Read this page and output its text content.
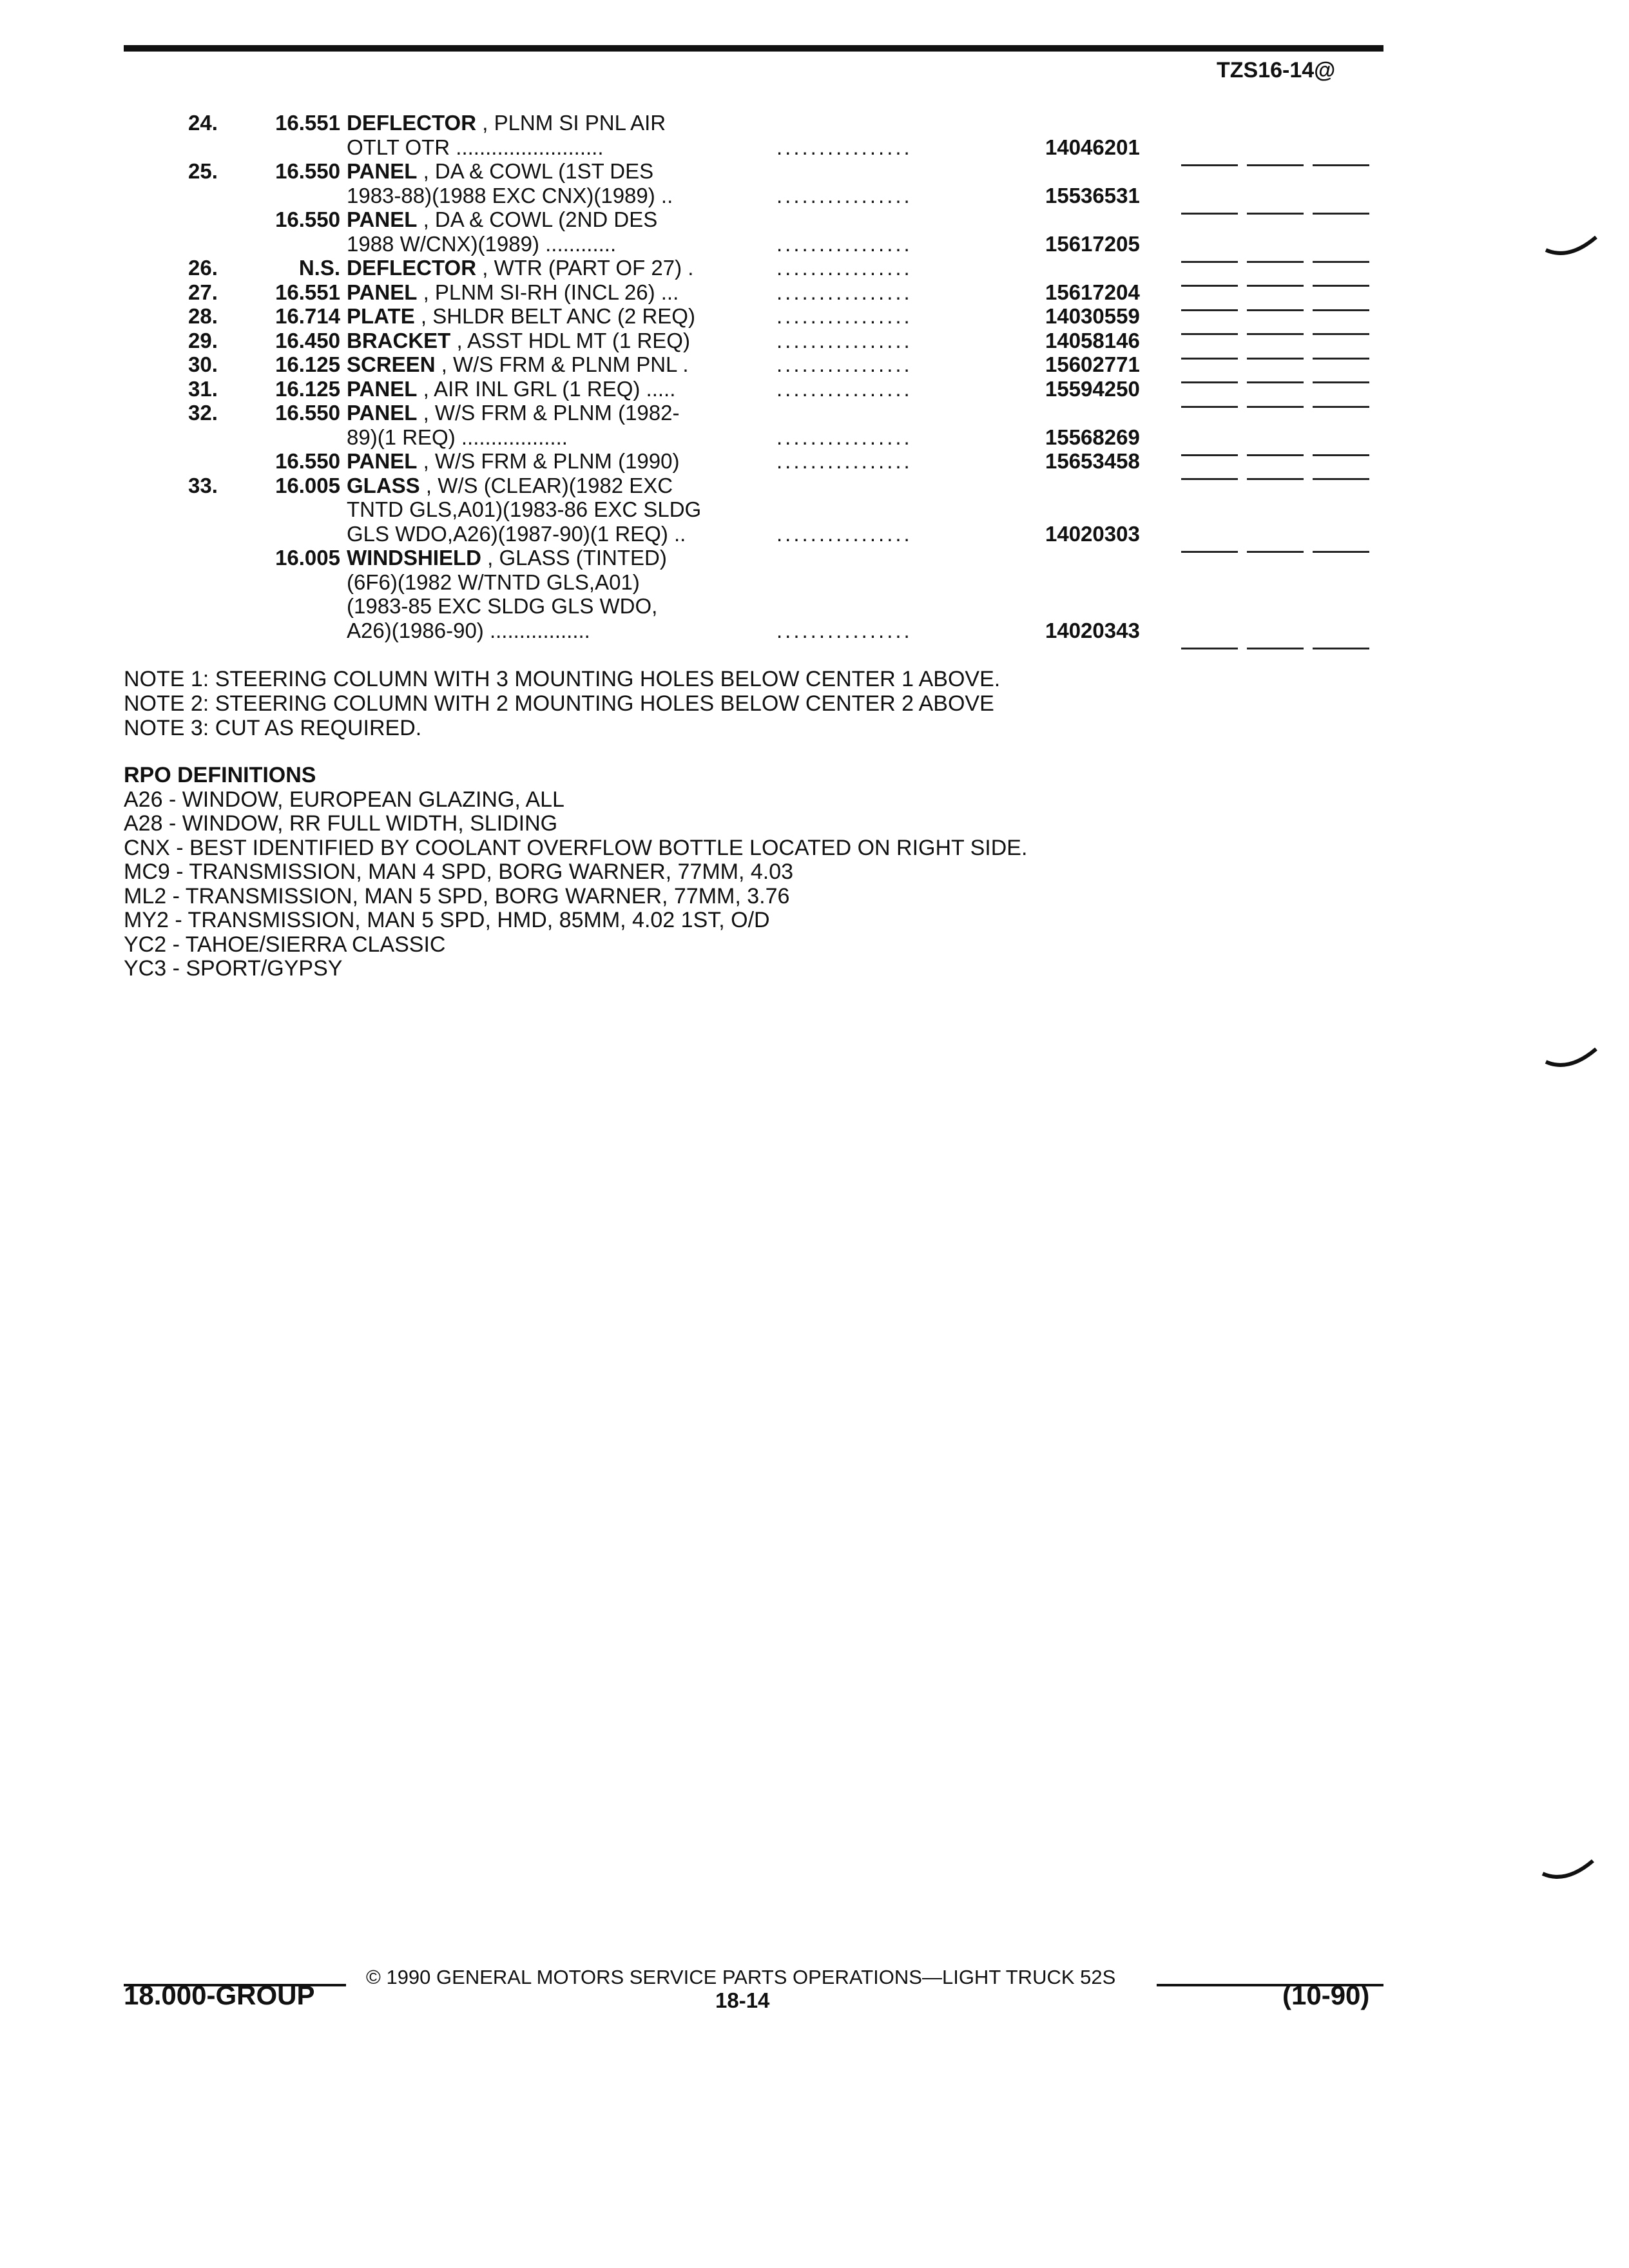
TZS16-14@
24.	16.551 DEFLECTOR , PLNM SI PNL AIR
OTLT OTR .........................	................	14046201
25.	16.550 PANEL , DA & COWL (1ST DES
1983-88)(1988 EXC CNX)(1989) ..	................	15536531
16.550 PANEL , DA & COWL (2ND DES
1988 W/CNX)(1989) ............	................	15617205
26.	N.S. DEFLECTOR , WTR (PART OF 27) .	................
27.	16.551 PANEL , PLNM SI-RH (INCL 26) ...	................	15617204
28.	16.714 PLATE , SHLDR BELT ANC (2 REQ)	................	14030559
29.	16.450 BRACKET , ASST HDL MT (1 REQ)	................	14058146
30.	16.125 SCREEN , W/S FRM & PLNM PNL .	................	15602771
31.	16.125 PANEL , AIR INL GRL (1 REQ) .....	................	15594250
32.	16.550 PANEL , W/S FRM & PLNM (1982-
89)(1 REQ) ..................	................	15568269
16.550 PANEL , W/S FRM & PLNM (1990)	................	15653458
33.	16.005 GLASS , W/S (CLEAR)(1982 EXC
TNTD GLS,A01)(1983-86 EXC SLDG
GLS WDO,A26)(1987-90)(1 REQ) ..	................	14020303
16.005 WINDSHIELD , GLASS (TINTED)
(6F6)(1982 W/TNTD GLS,A01)
(1983-85 EXC SLDG GLS WDO,
A26)(1986-90) .................	................	14020343
NOTE 1: STEERING COLUMN WITH 3 MOUNTING HOLES BELOW CENTER 1 ABOVE.
NOTE 2: STEERING COLUMN WITH 2 MOUNTING HOLES BELOW CENTER 2 ABOVE
NOTE 3: CUT AS REQUIRED.
RPO DEFINITIONS
A26 - WINDOW, EUROPEAN GLAZING, ALL
A28 - WINDOW, RR FULL WIDTH, SLIDING
CNX - BEST IDENTIFIED BY COOLANT OVERFLOW BOTTLE LOCATED ON RIGHT SIDE.
MC9 - TRANSMISSION, MAN 4 SPD, BORG WARNER, 77MM, 4.03
ML2 - TRANSMISSION, MAN 5 SPD, BORG WARNER, 77MM, 3.76
MY2 - TRANSMISSION, MAN 5 SPD, HMD, 85MM, 4.02 1ST, O/D
YC2 - TAHOE/SIERRA CLASSIC
YC3 - SPORT/GYPSY
© 1990 GENERAL MOTORS SERVICE PARTS OPERATIONS—LIGHT TRUCK 52S
18.000-GROUP	18-14	(10-90)
